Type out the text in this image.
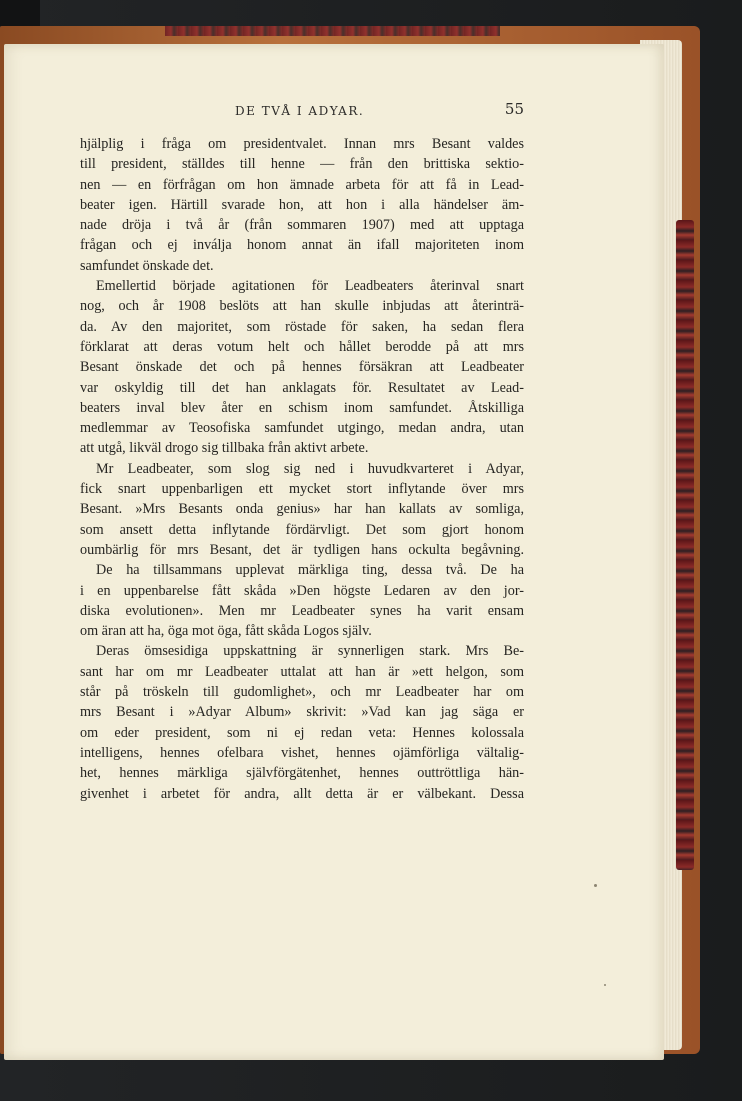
DE TVÅ I ADYAR.	55
hjälplig i fråga om presidentvalet. Innan mrs Besant valdes
till president, ställdes till henne — från den brittiska sektio-
nen — en förfrågan om hon ämnade arbeta för att få in Lead-
beater igen. Härtill svarade hon, att hon i alla händelser äm-
nade dröja i två år (från sommaren 1907) med att upptaga
frågan och ej inválja honom annat än ifall majoriteten inom
samfundet önskade det.
Emellertid började agitationen för Leadbeaters återinval snart
nog, och år 1908 beslöts att han skulle inbjudas att återinträ-
da. Av den majoritet, som röstade för saken, ha sedan flera
förklarat att deras votum helt och hållet berodde på att mrs
Besant önskade det och på hennes försäkran att Leadbeater
var oskyldig till det han anklagats för. Resultatet av Lead-
beaters inval blev åter en schism inom samfundet. Åtskilliga
medlemmar av Teosofiska samfundet utgingo, medan andra, utan
att utgå, likväl drogo sig tillbaka från aktivt arbete.
Mr Leadbeater, som slog sig ned i huvudkvarteret i Adyar,
fick snart uppenbarligen ett mycket stort inflytande över mrs
Besant. »Mrs Besants onda genius» har han kallats av somliga,
som ansett detta inflytande fördärvligt. Det som gjort honom
oumbärlig för mrs Besant, det är tydligen hans ockulta begåvning.
De ha tillsammans upplevat märkliga ting, dessa två. De ha
i en uppenbarelse fått skåda »Den högste Ledaren av den jor-
diska evolutionen». Men mr Leadbeater synes ha varit ensam
om äran att ha, öga mot öga, fått skåda Logos själv.
Deras ömsesidiga uppskattning är synnerligen stark. Mrs Be-
sant har om mr Leadbeater uttalat att han är »ett helgon, som
står på tröskeln till gudomlighet», och mr Leadbeater har om
mrs Besant i »Adyar Album» skrivit: »Vad kan jag säga er
om eder president, som ni ej redan veta: Hennes kolossala
intelligens, hennes ofelbara vishet, hennes ojämförliga vältalig-
het, hennes märkliga självförgätenhet, hennes outtröttliga hän-
givenhet i arbetet för andra, allt detta är er välbekant. Dessa
